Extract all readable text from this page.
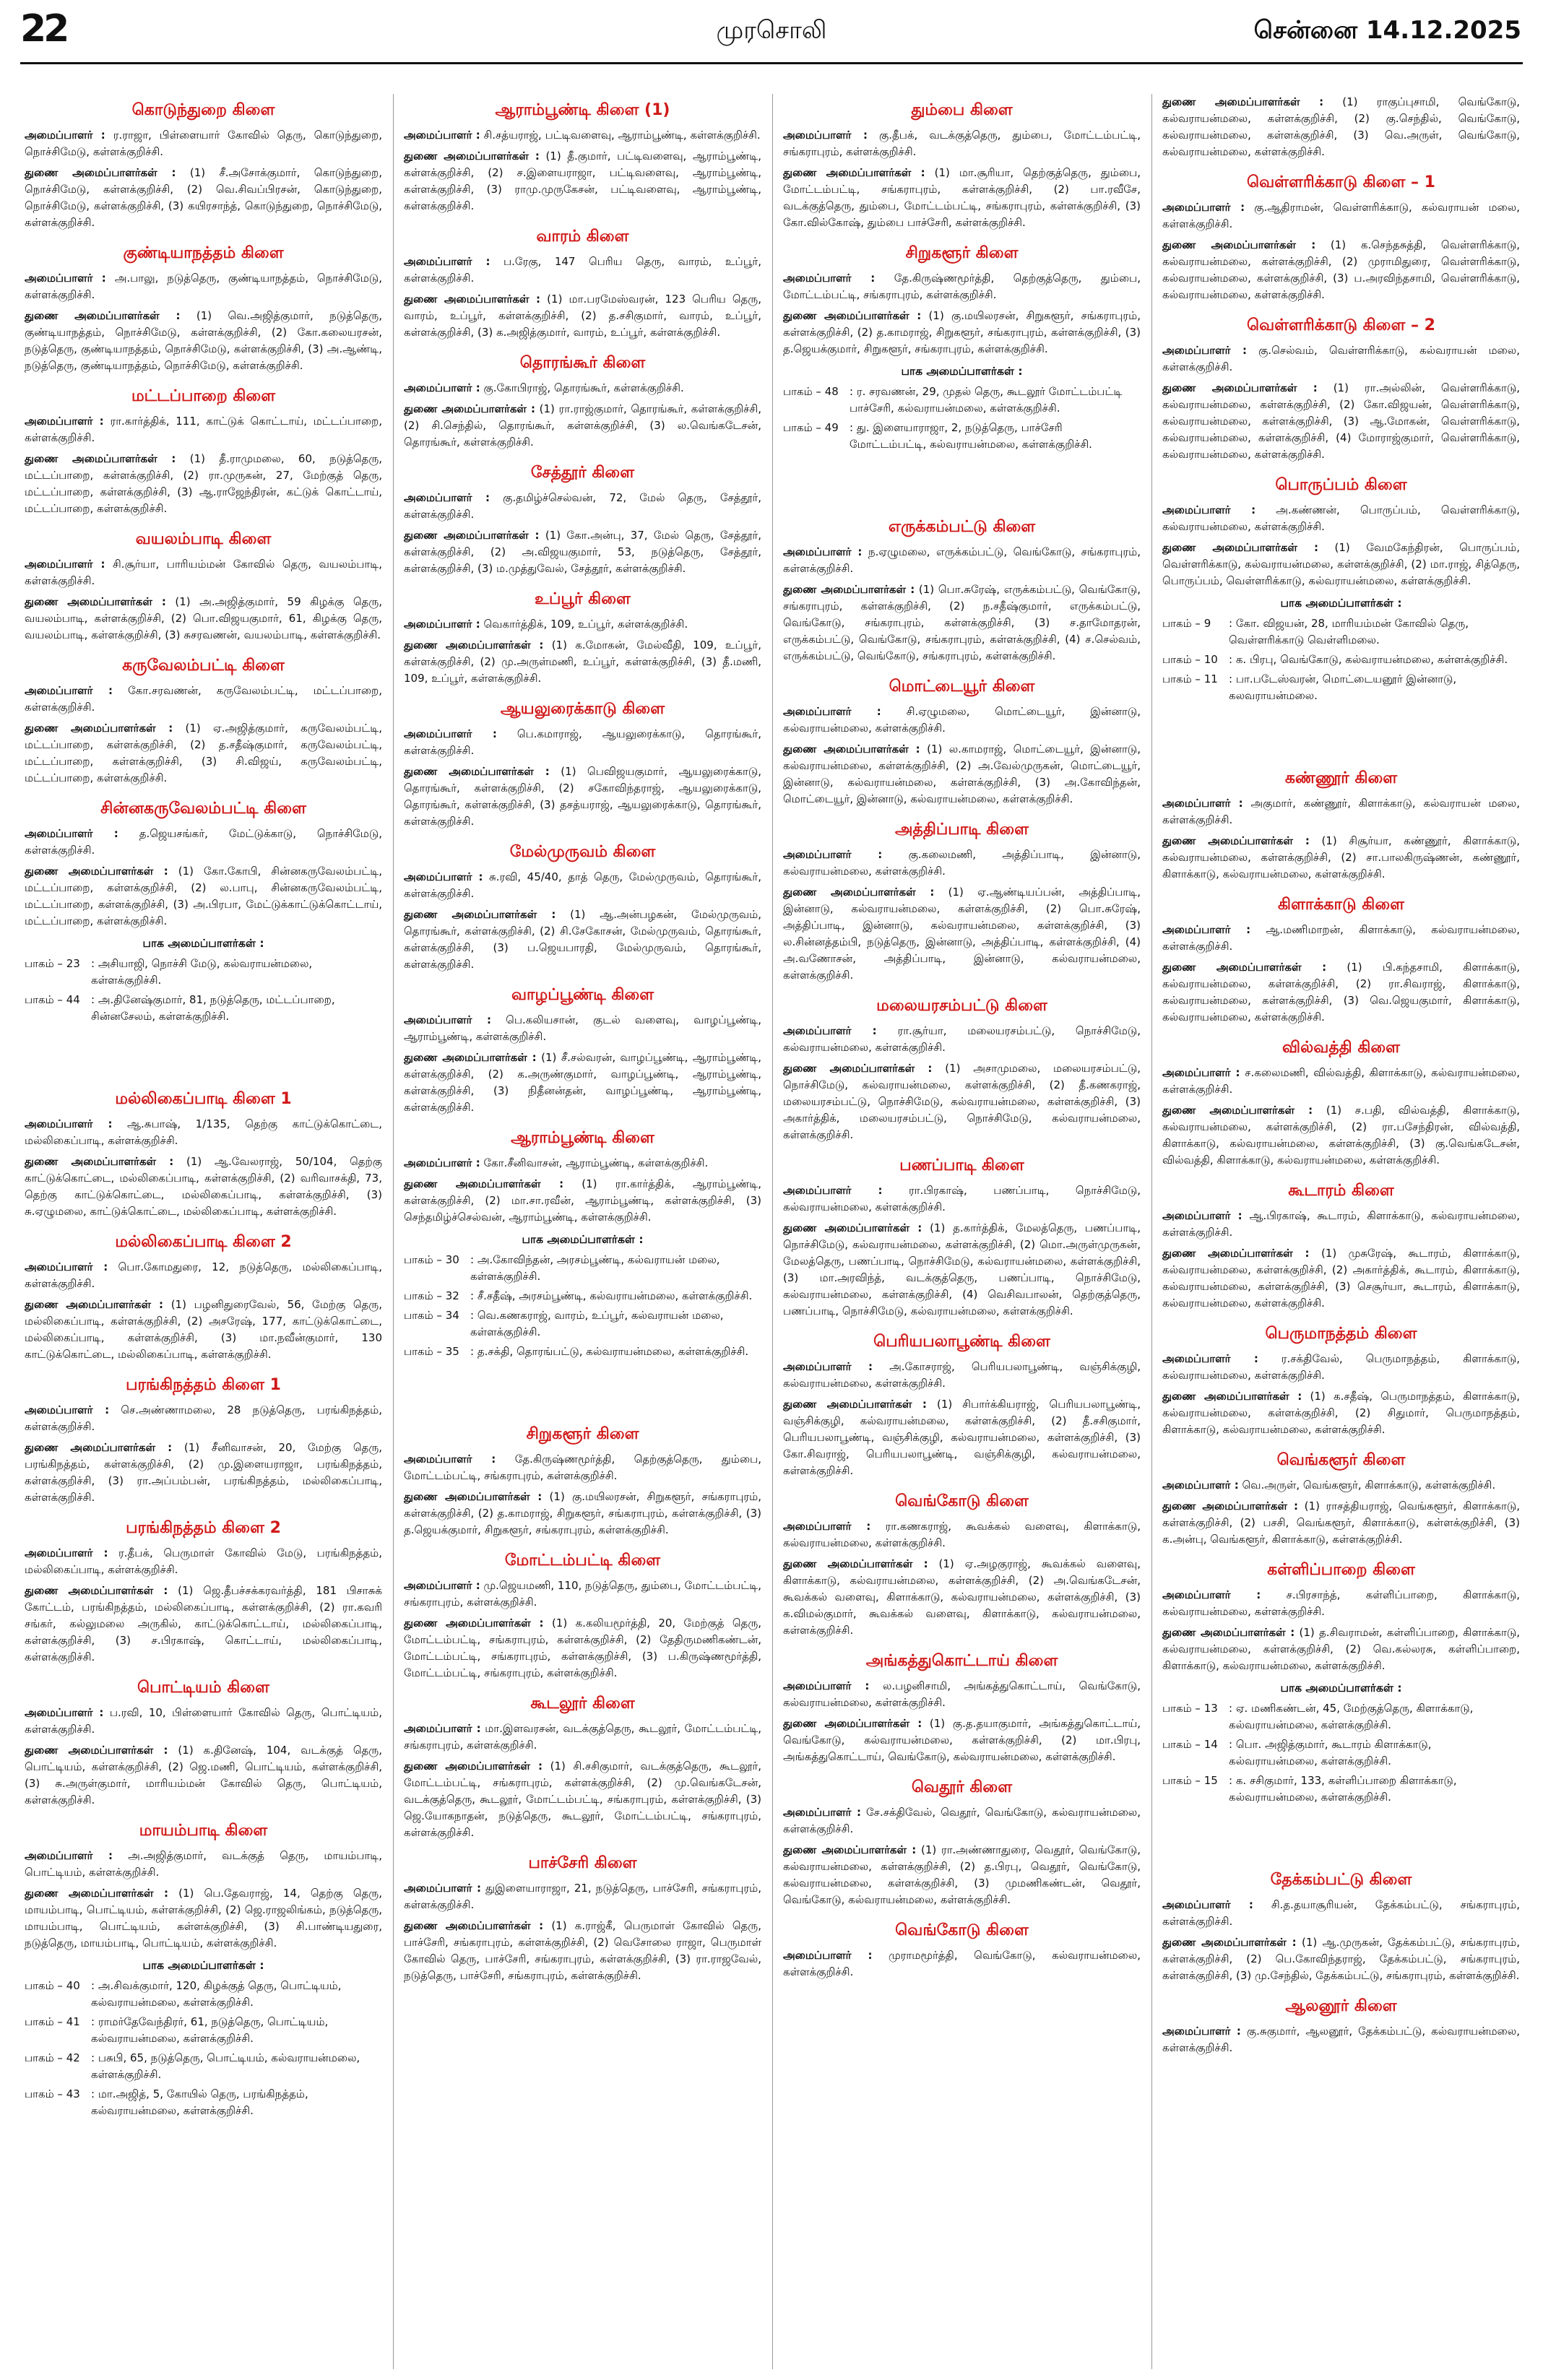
22	முரசொலி	சென்னை 14.12.2025
கொடுந்துறை கிளை
அமைப்பாளர் : ர.ராஜா, பிள்ளையார் கோவில் தெரு, கொடுந்துறை, நொச்சிமேடு, கள்ளக்குறிச்சி.
துணை அமைப்பாளர்கள் : (1) சீ.அசோக்குமார், கொடுந்துறை, நொச்சிமேடு, கள்ளக்குறிச்சி, (2) வெ.சிவப்பிரசன், கொடுந்துறை, நொச்சிமேடு, கள்ளக்குறிச்சி, (3) கயிரசாந்த், கொடுந்துறை, நொச்சிமேடு, கள்ளக்குறிச்சி.
குண்டியாநத்தம் கிளை
அமைப்பாளர் : அ.பாலு, நடுத்தெரு, குண்டியாநத்தம், நொச்சிமேடு, கள்ளக்குறிச்சி.
துணை அமைப்பாளர்கள் : (1) வெ.அஜித்குமார், நடுத்தெரு, குண்டியாநத்தம், நொச்சிமேடு, கள்ளக்குறிச்சி, (2) கோ.கலையரசன், நடுத்தெரு, குண்டியாநத்தம், நொச்சிமேடு, கள்ளக்குறிச்சி, (3) அ.ஆண்டி, நடுத்தெரு, குண்டியாநத்தம், நொச்சிமேடு, கள்ளக்குறிச்சி.
மட்டப்பாறை கிளை
அமைப்பாளர் : ரா.கார்த்திக், 111, காட்டுக் கொட்டாய், மட்டப்பாறை, கள்ளக்குறிச்சி.
துணை அமைப்பாளர்கள் : (1) தீ.ராமுமலை, 60, நடுத்தெரு, மட்டப்பாறை, கள்ளக்குறிச்சி, (2) ரா.முருகன், 27, மேற்குத் தெரு, மட்டப்பாறை, கள்ளக்குறிச்சி, (3) ஆ.ராஜேந்திரன், கட்டுக் கொட்டாய், மட்டப்பாறை, கள்ளக்குறிச்சி.
வயலம்பாடி கிளை
அமைப்பாளர் : சி.சூர்யா, பாரியம்மன் கோவில் தெரு, வயலம்பாடி, கள்ளக்குறிச்சி.
துணை அமைப்பாளர்கள் : (1) அ.அஜித்குமார், 59 கிழக்கு தெரு, வயலம்பாடி, கள்ளக்குறிச்சி, (2) பொ.விஜயகுமார், 61, கிழக்கு தெரு, வயலம்பாடி, கள்ளக்குறிச்சி, (3) சுசரவணன், வயலம்பாடி, கள்ளக்குறிச்சி.
கருவேலம்பட்டி கிளை
அமைப்பாளர் : கோ.சரவணன், கருவேலம்பட்டி, மட்டப்பாறை, கள்ளக்குறிச்சி.
துணை அமைப்பாளர்கள் : (1) ஏ.அஜித்குமார், கருவேலம்பட்டி, மட்டப்பாறை, கள்ளக்குறிச்சி, (2) த.சதீஷ்குமார், கருவேலம்பட்டி, மட்டப்பாறை, கள்ளக்குறிச்சி, (3) சி.விஜய், கருவேலம்பட்டி, மட்டப்பாறை, கள்ளக்குறிச்சி.
சின்னகருவேலம்பட்டி கிளை
அமைப்பாளர் : த.ஜெயசங்கர், மேட்டுக்காடு, நொச்சிமேடு, கள்ளக்குறிச்சி.
துணை அமைப்பாளர்கள் : (1) கோ.கோபி, சின்னகருவேலம்பட்டி, மட்டப்பாறை, கள்ளக்குறிச்சி, (2) ல.பாபு, சின்னகருவேலம்பட்டி, மட்டப்பாறை, கள்ளக்குறிச்சி, (3) அ.பிரபா, மேட்டுக்காட்டுக்கொட்டாய், மட்டப்பாறை, கள்ளக்குறிச்சி.
பாக அமைப்பாளர்கள் :
பாகம் – 23	: அசியாஜி, நொச்சி மேடு, கல்வராயன்மலை, கள்ளக்குறிச்சி.
பாகம் – 44	: அ.தினேஷ்குமார், 81, நடுத்தெரு, மட்டப்பாறை, சின்னசேலம், கள்ளக்குறிச்சி.
மல்லிகைப்பாடி கிளை 1
அமைப்பாளர் : ஆ.சுபாஷ், 1/135, தெற்கு காட்டுக்கொட்டை, மல்லிகைப்பாடி, கள்ளக்குறிச்சி.
துணை அமைப்பாளர்கள் : (1) ஆ.வேலராஜ், 50/104, தெற்கு காட்டுக்கொட்டை, மல்லிகைப்பாடி, கள்ளக்குறிச்சி, (2) வரிவாசக்தி, 73, தெற்கு காட்டுக்கொட்டை, மல்லிகைப்பாடி, கள்ளக்குறிச்சி, (3) சு.ஏழுமலை, காட்டுக்கொட்டை, மல்லிகைப்பாடி, கள்ளக்குறிச்சி.
மல்லிகைப்பாடி கிளை 2
அமைப்பாளர் : பொ.கோமதுரை, 12, நடுத்தெரு, மல்லிகைப்பாடி, கள்ளக்குறிச்சி.
துணை அமைப்பாளர்கள் : (1) பழனிதுரைவேல், 56, மேற்கு தெரு, மல்லிகைப்பாடி, கள்ளக்குறிச்சி, (2) அசரேஷ், 177, காட்டுக்கொட்டை, மல்லிகைப்பாடி, கள்ளக்குறிச்சி, (3) மா.நவீன்குமார், 130 காட்டுக்கொட்டை, மல்லிகைப்பாடி, கள்ளக்குறிச்சி.
பரங்கிநத்தம் கிளை 1
அமைப்பாளர் : செ.அண்ணாமலை, 28 நடுத்தெரு, பரங்கிநத்தம், கள்ளக்குறிச்சி.
துணை அமைப்பாளர்கள் : (1) சீனிவாசன், 20, மேற்கு தெரு, பரங்கிநத்தம், கள்ளக்குறிச்சி, (2) மு.இளையராஜா, பரங்கிநத்தம், கள்ளக்குறிச்சி, (3) ரா.அப்பம்பன், பரங்கிநத்தம், மல்லிகைப்பாடி, கள்ளக்குறிச்சி.
பரங்கிநத்தம் கிளை 2
அமைப்பாளர் : ர.தீபக், பெருமாள் கோவில் மேடு, பரங்கிநத்தம், மல்லிகைப்பாடி, கள்ளக்குறிச்சி.
துணை அமைப்பாளர்கள் : (1) ஜெ.தீபச்சக்கரவர்த்தி, 181 பிசாசுக் கோட்டம், பரங்கிநத்தம், மல்லிகைப்பாடி, கள்ளக்குறிச்சி, (2) ரா.கவரி சங்கர், கல்லுமலை அருகில், காட்டுக்கொட்டாய், மல்லிகைப்பாடி, கள்ளக்குறிச்சி, (3) ச.பிரகாஷ், கொட்டாய், மல்லிகைப்பாடி, கள்ளக்குறிச்சி.
பொட்டியம் கிளை
அமைப்பாளர் : ப.ரவி, 10, பிள்ளையார் கோவில் தெரு, பொட்டியம், கள்ளக்குறிச்சி.
துணை அமைப்பாளர்கள் : (1) க.தினேஷ், 104, வடக்குத் தெரு, பொட்டியம், கள்ளக்குறிச்சி, (2) ஜெ.மணி, பொட்டியம், கள்ளக்குறிச்சி, (3) சு.அருள்குமார், மாரியம்மன் கோவில் தெரு, பொட்டியம், கள்ளக்குறிச்சி.
மாயம்பாடி கிளை
அமைப்பாளர் : அ.அஜித்குமார், வடக்குத் தெரு, மாயம்பாடி, பொட்டியம், கள்ளக்குறிச்சி.
துணை அமைப்பாளர்கள் : (1) பெ.தேவராஜ், 14, தெற்கு தெரு, மாயம்பாடி, பொட்டியம், கள்ளக்குறிச்சி, (2) ஜெ.ராஜலிங்கம், நடுத்தெரு, மாயம்பாடி, பொட்டியம், கள்ளக்குறிச்சி, (3) சி.பாண்டியதுரை, நடுத்தெரு, மாயம்பாடி, பொட்டியம், கள்ளக்குறிச்சி.
பாக அமைப்பாளர்கள் :
பாகம் – 40	: அ.சிவக்குமார், 120, கிழக்குத் தெரு, பொட்டியம், கல்வராயன்மலை, கள்ளக்குறிச்சி.
பாகம் – 41	: ராமர்தேவேந்திரர், 61, நடுத்தெரு, பொட்டியம், கல்வராயன்மலை, கள்ளக்குறிச்சி.
பாகம் – 42	: பசுபி, 65, நடுத்தெரு, பொட்டியம், கல்வராயன்மலை, கள்ளக்குறிச்சி.
பாகம் – 43	: மா.அஜித், 5, கோயில் தெரு, பரங்கிநத்தம், கல்வராயன்மலை, கள்ளக்குறிச்சி.
ஆராம்பூண்டி கிளை (1)
அமைப்பாளர் : சி.சத்யராஜ், பட்டிவளைவு, ஆராம்பூண்டி, கள்ளக்குறிச்சி.
துணை அமைப்பாளர்கள் : (1) தீ.குமார், பட்டிவளைவு, ஆராம்பூண்டி, கள்ளக்குறிச்சி, (2) ச.இளையராஜா, பட்டிவளைவு, ஆராம்பூண்டி, கள்ளக்குறிச்சி, (3) ராமு.முருகேசன், பட்டிவளைவு, ஆராம்பூண்டி, கள்ளக்குறிச்சி.
வாரம் கிளை
அமைப்பாளர் : ப.ரேகு, 147 பெரிய தெரு, வாரம், உப்பூர், கள்ளக்குறிச்சி.
துணை அமைப்பாளர்கள் : (1) மா.பரமேஸ்வரன், 123 பெரிய தெரு, வாரம், உப்பூர், கள்ளக்குறிச்சி, (2) த.சசிகுமார், வாரம், உப்பூர், கள்ளக்குறிச்சி, (3) க.அஜித்குமார், வாரம், உப்பூர், கள்ளக்குறிச்சி.
தொரங்கூர் கிளை
அமைப்பாளர் : கு.கோபிராஜ், தொரங்கூர், கள்ளக்குறிச்சி.
துணை அமைப்பாளர்கள் : (1) ரா.ராஜ்குமார், தொரங்கூர், கள்ளக்குறிச்சி, (2) சி.செந்தில், தொரங்கூர், கள்ளக்குறிச்சி, (3) ல.வெங்கடேசன், தொரங்கூர், கள்ளக்குறிச்சி.
சேத்தூர் கிளை
அமைப்பாளர் : கு.தமிழ்ச்செல்வன், 72, மேல் தெரு, சேத்தூர், கள்ளக்குறிச்சி.
துணை அமைப்பாளர்கள் : (1) கோ.அன்பு, 37, மேல் தெரு, சேத்தூர், கள்ளக்குறிச்சி, (2) அ.விஜயகுமார், 53, நடுத்தெரு, சேத்தூர், கள்ளக்குறிச்சி, (3) ம.முத்துவேல், சேத்தூர், கள்ளக்குறிச்சி.
உப்பூர் கிளை
அமைப்பாளர் : வெகார்த்திக், 109, உப்பூர், கள்ளக்குறிச்சி.
துணை அமைப்பாளர்கள் : (1) க.மோகன், மேல்வீதி, 109, உப்பூர், கள்ளக்குறிச்சி, (2) மு.அருள்மணி, உப்பூர், கள்ளக்குறிச்சி, (3) தீ.மணி, 109, உப்பூர், கள்ளக்குறிச்சி.
ஆயலுரைக்காடு கிளை
அமைப்பாளர் : பெ.கமாராஜ், ஆயலுரைக்காடு, தொரங்கூர், கள்ளக்குறிச்சி.
துணை அமைப்பாளர்கள் : (1) பெவிஜயகுமார், ஆயலுரைக்காடு, தொரங்கூர், கள்ளக்குறிச்சி, (2) சகோவிந்தராஜ், ஆயலுரைக்காடு, தொரங்கூர், கள்ளக்குறிச்சி, (3) தசத்யராஜ், ஆயலுரைக்காடு, தொரங்கூர், கள்ளக்குறிச்சி.
மேல்முருவம் கிளை
அமைப்பாளர் : சு.ரவி, 45/40, தாத் தெரு, மேல்முருவம், தொரங்கூர், கள்ளக்குறிச்சி.
துணை அமைப்பாளர்கள் : (1) ஆ.அன்பழகன், மேல்முருவம், தொரங்கூர், கள்ளக்குறிச்சி, (2) சி.சேகோசன், மேல்முருவம், தொரங்கூர், கள்ளக்குறிச்சி, (3) ப.ஜெயபாரதி, மேல்முருவம், தொரங்கூர், கள்ளக்குறிச்சி.
வாழப்பூண்டி கிளை
அமைப்பாளர் : பெ.கலியசான், குடல் வளைவு, வாழப்பூண்டி, ஆராம்பூண்டி, கள்ளக்குறிச்சி.
துணை அமைப்பாளர்கள் : (1) சீ.சல்வரன், வாழப்பூண்டி, ஆராம்பூண்டி, கள்ளக்குறிச்சி, (2) க.அருண்குமார், வாழப்பூண்டி, ஆராம்பூண்டி, கள்ளக்குறிச்சி, (3) நிதீனன்தன், வாழப்பூண்டி, ஆராம்பூண்டி, கள்ளக்குறிச்சி.
ஆராம்பூண்டி கிளை
அமைப்பாளர் : கோ.சீனிவாசன், ஆராம்பூண்டி, கள்ளக்குறிச்சி.
துணை அமைப்பாளர்கள் : (1) ரா.கார்த்திக், ஆராம்பூண்டி, கள்ளக்குறிச்சி, (2) மா.சா.ரவீன், ஆராம்பூண்டி, கள்ளக்குறிச்சி, (3) செந்தமிழ்ச்செல்வன், ஆராம்பூண்டி, கள்ளக்குறிச்சி.
பாக அமைப்பாளர்கள் :
பாகம் – 30	: அ.கோவிந்தன், அரசம்பூண்டி, கல்வராயன் மலை, கள்ளக்குறிச்சி.
பாகம் – 32	: சீ.சதீஷ், அரசம்பூண்டி, கல்வராயன்மலை, கள்ளக்குறிச்சி.
பாகம் – 34	: வெ.கணகராஜ், வாரம், உப்பூர், கல்வராயன் மலை, கள்ளக்குறிச்சி.
பாகம் – 35	: த.சக்தி, தொரங்பட்டு, கல்வராயன்மலை, கள்ளக்குறிச்சி.
சிறுகளூர் கிளை
அமைப்பாளர் : தே.கிருஷ்ணமூர்த்தி, தெற்குத்தெரு, தும்பை, மோட்டம்பட்டி, சங்கராபுரம், கள்ளக்குறிச்சி.
துணை அமைப்பாளர்கள் : (1) கு.மயிலரசன், சிறுகளூர், சங்கராபுரம், கள்ளக்குறிச்சி, (2) த.காமராஜ், சிறுகளூர், சங்கராபுரம், கள்ளக்குறிச்சி, (3) த.ஜெயக்குமார், சிறுகளூர், சங்கராபுரம், கள்ளக்குறிச்சி.
மோட்டம்பட்டி கிளை
அமைப்பாளர் : மு.ஜெயமணி, 110, நடுத்தெரு, தும்பை, மோட்டம்பட்டி, சங்கராபுரம், கள்ளக்குறிச்சி.
துணை அமைப்பாளர்கள் : (1) க.கலியமூர்த்தி, 20, மேற்குத் தெரு, மோட்டம்பட்டி, சங்கராபுரம், கள்ளக்குறிச்சி, (2) தேதிருமணிகண்டன், மோட்டம்பட்டி, சங்கராபுரம், கள்ளக்குறிச்சி, (3) ப.கிருஷ்ணமூர்த்தி, மோட்டம்பட்டி, சங்கராபுரம், கள்ளக்குறிச்சி.
கூடலூர் கிளை
அமைப்பாளர் : மா.இளவரசன், வடக்குத்தெரு, கூடலூர், மோட்டம்பட்டி, சங்கராபுரம், கள்ளக்குறிச்சி.
துணை அமைப்பாளர்கள் : (1) சி.சசிகுமார், வடக்குத்தெரு, கூடலூர், மோட்டம்பட்டி, சங்கராபுரம், கள்ளக்குறிச்சி, (2) மு.வெங்கடேசன், வடக்குத்தெரு, கூடலூர், மோட்டம்பட்டி, சங்கராபுரம், கள்ளக்குறிச்சி, (3) ஜெ.யோகநாதன், நடுத்தெரு, கூடலூர், மோட்டம்பட்டி, சங்கராபுரம், கள்ளக்குறிச்சி.
பாச்சேரி கிளை
அமைப்பாளர் : துஇளையாராஜா, 21, நடுத்தெரு, பாச்சேரி, சங்கராபுரம், கள்ளக்குறிச்சி.
துணை அமைப்பாளர்கள் : (1) க.ராஜ்கீ, பெருமாள் கோவில் தெரு, பாச்சேரி, சங்கராபுரம், கள்ளக்குறிச்சி, (2) வெசோலை ராஜா, பெருமாள் கோவில் தெரு, பாச்சேரி, சங்கராபுரம், கள்ளக்குறிச்சி, (3) ரா.ராஜவேல், நடுத்தெரு, பாச்சேரி, சங்கராபுரம், கள்ளக்குறிச்சி.
தும்பை கிளை
அமைப்பாளர் : கு.தீபக், வடக்குத்தெரு, தும்பை, மோட்டம்பட்டி, சங்கராபுரம், கள்ளக்குறிச்சி.
துணை அமைப்பாளர்கள் : (1) மா.சூரியா, தெற்குத்தெரு, தும்பை, மோட்டம்பட்டி, சங்கராபுரம், கள்ளக்குறிச்சி, (2) பா.ரவீசே, வடக்குத்தெரு, தும்பை, மோட்டம்பட்டி, சங்கராபுரம், கள்ளக்குறிச்சி, (3) கோ.வில்கோஷ், தும்பை பாச்சேரி, கள்ளக்குறிச்சி.
சிறுகளூர் கிளை
அமைப்பாளர் : தே.கிருஷ்ணமூர்த்தி, தெற்குத்தெரு, தும்பை, மோட்டம்பட்டி, சங்கராபுரம், கள்ளக்குறிச்சி.
துணை அமைப்பாளர்கள் : (1) கு.மயிலரசன், சிறுகளூர், சங்கராபுரம், கள்ளக்குறிச்சி, (2) த.காமராஜ், சிறுகளூர், சங்கராபுரம், கள்ளக்குறிச்சி, (3) த.ஜெயக்குமார், சிறுகளூர், சங்கராபுரம், கள்ளக்குறிச்சி.
பாக அமைப்பாளர்கள் :
பாகம் – 48	: ர. சரவணன், 29, முதல் தெரு, கூடலூர் மோட்டம்பட்டி பாச்சேரி, கல்வராயன்மலை, கள்ளக்குறிச்சி.
பாகம் – 49	: து. இளையாராஜா, 2, நடுத்தெரு, பாச்சேரி மோட்டம்பட்டி, கல்வராயன்மலை, கள்ளக்குறிச்சி.
எருக்கம்பட்டு கிளை
அமைப்பாளர் : ந.ஏழுமலை, எருக்கம்பட்டு, வெங்கோடு, சங்கராபுரம், கள்ளக்குறிச்சி.
துணை அமைப்பாளர்கள் : (1) பொ.சுரேஷ், எருக்கம்பட்டு, வெங்கோடு, சங்கராபுரம், கள்ளக்குறிச்சி, (2) ந.சதீஷ்குமார், எருக்கம்பட்டு, வெங்கோடு, சங்கராபுரம், கள்ளக்குறிச்சி, (3) ச.தாமோதரன், எருக்கம்பட்டு, வெங்கோடு, சங்கராபுரம், கள்ளக்குறிச்சி, (4) ச.செல்வம், எருக்கம்பட்டு, வெங்கோடு, சங்கராபுரம், கள்ளக்குறிச்சி.
மொட்டையூர் கிளை
அமைப்பாளர் : சி.ஏழுமலை, மொட்டையூர், இன்னாடு, கல்வராயன்மலை, கள்ளக்குறிச்சி.
துணை அமைப்பாளர்கள் : (1) ல.காமராஜ், மொட்டையூர், இன்னாடு, கல்வராயன்மலை, கள்ளக்குறிச்சி, (2) அ.வேல்முருகன், மொட்டையூர், இன்னாடு, கல்வராயன்மலை, கள்ளக்குறிச்சி, (3) அ.கோவிந்தன், மொட்டையூர், இன்னாடு, கல்வராயன்மலை, கள்ளக்குறிச்சி.
அத்திப்பாடி கிளை
அமைப்பாளர் : கு.கலைமணி, அத்திப்பாடி, இன்னாடு, கல்வராயன்மலை, கள்ளக்குறிச்சி.
துணை அமைப்பாளர்கள் : (1) ஏ.ஆண்டியப்பன், அத்திப்பாடி, இன்னாடு, கல்வராயன்மலை, கள்ளக்குறிச்சி, (2) பொ.சுரேஷ், அத்திப்பாடி, இன்னாடு, கல்வராயன்மலை, கள்ளக்குறிச்சி, (3) ல.சின்னத்தம்பி, நடுத்தெரு, இன்னாடு, அத்திப்பாடி, கள்ளக்குறிச்சி, (4) அ.வணோசன், அத்திப்பாடி, இன்னாடு, கல்வராயன்மலை, கள்ளக்குறிச்சி.
மலையரசம்பட்டு கிளை
அமைப்பாளர் : ரா.சூர்யா, மலையரசம்பட்டு, நொச்சிமேடு, கல்வராயன்மலை, கள்ளக்குறிச்சி.
துணை அமைப்பாளர்கள் : (1) அசாமுமலை, மலையரசம்பட்டு, நொச்சிமேடு, கல்வராயன்மலை, கள்ளக்குறிச்சி, (2) தீ.கணகராஜ், மலையரசம்பட்டு, நொச்சிமேடு, கல்வராயன்மலை, கள்ளக்குறிச்சி, (3) அகார்த்திக், மலையரசம்பட்டு, நொச்சிமேடு, கல்வராயன்மலை, கள்ளக்குறிச்சி.
பணப்பாடி கிளை
அமைப்பாளர் : ரா.பிரகாஷ், பணப்பாடி, நொச்சிமேடு, கல்வராயன்மலை, கள்ளக்குறிச்சி.
துணை அமைப்பாளர்கள் : (1) த.கார்த்திக், மேலத்தெரு, பணப்பாடி, நொச்சிமேடு, கல்வராயன்மலை, கள்ளக்குறிச்சி, (2) மொ.அருள்முருகன், மேலத்தெரு, பணப்பாடி, நொச்சிமேடு, கல்வராயன்மலை, கள்ளக்குறிச்சி, (3) மா.அரவிந்த், வடக்குத்தெரு, பணப்பாடி, நொச்சிமேடு, கல்வராயன்மலை, கள்ளக்குறிச்சி, (4) வெசிவபாலன், தெற்குத்தெரு, பணப்பாடி, நொச்சிமேடு, கல்வராயன்மலை, கள்ளக்குறிச்சி.
பெரியபலாபூண்டி கிளை
அமைப்பாளர் : அ.கோசராஜ், பெரியபலாபூண்டி, வஞ்சிக்குழி, கல்வராயன்மலை, கள்ளக்குறிச்சி.
துணை அமைப்பாளர்கள் : (1) சிபார்க்கியராஜ், பெரியபலாபூண்டி, வஞ்சிக்குழி, கல்வராயன்மலை, கள்ளக்குறிச்சி, (2) தீ.சசிகுமார், பெரியபலாபூண்டி, வஞ்சிக்குழி, கல்வராயன்மலை, கள்ளக்குறிச்சி, (3) கோ.சிவராஜ், பெரியபலாபூண்டி, வஞ்சிக்குழி, கல்வராயன்மலை, கள்ளக்குறிச்சி.
வெங்கோடு கிளை
அமைப்பாளர் : ரா.கணகராஜ், கூவக்கல் வளைவு, கிளாக்காடு, கல்வராயன்மலை, கள்ளக்குறிச்சி.
துணை அமைப்பாளர்கள் : (1) ஏ.அழகுராஜ், கூவக்கல் வளைவு, கிளாக்காடு, கல்வராயன்மலை, கள்ளக்குறிச்சி, (2) அ.வெங்கடேசன், கூவக்கல் வளைவு, கிளாக்காடு, கல்வராயன்மலை, கள்ளக்குறிச்சி, (3) க.விமல்குமார், கூவக்கல் வளைவு, கிளாக்காடு, கல்வராயன்மலை, கள்ளக்குறிச்சி.
அங்கத்துகொட்டாய் கிளை
அமைப்பாளர் : ல.பழனிசாமி, அங்கத்துகொட்டாய், வெங்கோடு, கல்வராயன்மலை, கள்ளக்குறிச்சி.
துணை அமைப்பாளர்கள் : (1) கு.த.தயாகுமார், அங்கத்துகொட்டாய், வெங்கோடு, கல்வராயன்மலை, கள்ளக்குறிச்சி, (2) மா.பிரபு, அங்கத்துகொட்டாய், வெங்கோடு, கல்வராயன்மலை, கள்ளக்குறிச்சி.
வெதூர் கிளை
அமைப்பாளர் : சே.சக்திவேல், வெதூர், வெங்கோடு, கல்வராயன்மலை, கள்ளக்குறிச்சி.
துணை அமைப்பாளர்கள் : (1) ரா.அண்ணாதுரை, வெதூர், வெங்கோடு, கல்வராயன்மலை, கள்ளக்குறிச்சி, (2) த.பிரபு, வெதூர், வெங்கோடு, கல்வராயன்மலை, கள்ளக்குறிச்சி, (3) முமணிகண்டன், வெதூர், வெங்கோடு, கல்வராயன்மலை, கள்ளக்குறிச்சி.
வெங்கோடு கிளை
அமைப்பாளர் : முராமமூர்த்தி, வெங்கோடு, கல்வராயன்மலை, கள்ளக்குறிச்சி.
துணை அமைப்பாளர்கள் : (1) ராகுப்புசாமி, வெங்கோடு, கல்வராயன்மலை, கள்ளக்குறிச்சி, (2) கு.செந்தில், வெங்கோடு, கல்வராயன்மலை, கள்ளக்குறிச்சி, (3) வெ.அருள், வெங்கோடு, கல்வராயன்மலை, கள்ளக்குறிச்சி.
வெள்ளரிக்காடு கிளை – 1
அமைப்பாளர் : கு.ஆதிராமன், வெள்ளரிக்காடு, கல்வராயன் மலை, கள்ளக்குறிச்சி.
துணை அமைப்பாளர்கள் : (1) க.செந்தசுத்தி, வெள்ளரிக்காடு, கல்வராயன்மலை, கள்ளக்குறிச்சி, (2) முராமிதுரை, வெள்ளரிக்காடு, கல்வராயன்மலை, கள்ளக்குறிச்சி, (3) ப.அரவிந்தசாமி, வெள்ளரிக்காடு, கல்வராயன்மலை, கள்ளக்குறிச்சி.
வெள்ளரிக்காடு கிளை – 2
அமைப்பாளர் : கு.செல்வம், வெள்ளரிக்காடு, கல்வராயன் மலை, கள்ளக்குறிச்சி.
துணை அமைப்பாளர்கள் : (1) ரா.அல்லின், வெள்ளரிக்காடு, கல்வராயன்மலை, கள்ளக்குறிச்சி, (2) கோ.விஜயன், வெள்ளரிக்காடு, கல்வராயன்மலை, கள்ளக்குறிச்சி, (3) ஆ.மோகன், வெள்ளரிக்காடு, கல்வராயன்மலை, கள்ளக்குறிச்சி, (4) மோராஜ்குமார், வெள்ளரிக்காடு, கல்வராயன்மலை, கள்ளக்குறிச்சி.
பொருப்பம் கிளை
அமைப்பாளர் : அ.கண்ணன், பொருப்பம், வெள்ளரிக்காடு, கல்வராயன்மலை, கள்ளக்குறிச்சி.
துணை அமைப்பாளர்கள் : (1) வேமகேந்திரன், பொருப்பம், வெள்ளரிக்காடு, கல்வராயன்மலை, கள்ளக்குறிச்சி, (2) மா.ராஜ், சித்தெரு, பொருப்பம், வெள்ளரிக்காடு, கல்வராயன்மலை, கள்ளக்குறிச்சி.
பாக அமைப்பாளர்கள் :
பாகம் – 9	: கோ. விஜயன், 28, மாரியம்மன் கோவில் தெரு, வெள்ளரிக்காடு வெள்ளிமலை.
பாகம் – 10	: க. பிரபு, வெங்கோடு, கல்வராயன்மலை, கள்ளக்குறிச்சி.
பாகம் – 11	: பா.படேஸ்வரன், மொட்டையனூர் இன்னாடு, கலவராயன்மலை.
கண்ணூர் கிளை
அமைப்பாளர் : அகுமார், கண்ணூர், கிளாக்காடு, கல்வராயன் மலை, கள்ளக்குறிச்சி.
துணை அமைப்பாளர்கள் : (1) சிசூர்யா, கண்ணூர், கிளாக்காடு, கல்வராயன்மலை, கள்ளக்குறிச்சி, (2) சா.பாலகிருஷ்ணன், கண்ணூர், கிளாக்காடு, கல்வராயன்மலை, கள்ளக்குறிச்சி.
கிளாக்காடு கிளை
அமைப்பாளர் : ஆ.மணிமாறன், கிளாக்காடு, கல்வராயன்மலை, கள்ளக்குறிச்சி.
துணை அமைப்பாளர்கள் : (1) பி.கந்தசாமி, கிளாக்காடு, கல்வராயன்மலை, கள்ளக்குறிச்சி, (2) ரா.சிவராஜ், கிளாக்காடு, கல்வராயன்மலை, கள்ளக்குறிச்சி, (3) வெ.ஜெயகுமார், கிளாக்காடு, கல்வராயன்மலை, கள்ளக்குறிச்சி.
வில்வத்தி கிளை
அமைப்பாளர் : ச.கலைமணி, வில்வத்தி, கிளாக்காடு, கல்வராயன்மலை, கள்ளக்குறிச்சி.
துணை அமைப்பாளர்கள் : (1) ச.பதி, வில்வத்தி, கிளாக்காடு, கல்வராயன்மலை, கள்ளக்குறிச்சி, (2) ரா.பசேந்திரன், வில்வத்தி, கிளாக்காடு, கல்வராயன்மலை, கள்ளக்குறிச்சி, (3) கு.வெங்கடேசன், வில்வத்தி, கிளாக்காடு, கல்வராயன்மலை, கள்ளக்குறிச்சி.
கூடாரம் கிளை
அமைப்பாளர் : ஆ.பிரகாஷ், கூடாரம், கிளாக்காடு, கல்வராயன்மலை, கள்ளக்குறிச்சி.
துணை அமைப்பாளர்கள் : (1) முசுரேஷ், கூடாரம், கிளாக்காடு, கல்வராயன்மலை, கள்ளக்குறிச்சி, (2) அகார்த்திக், கூடாரம், கிளாக்காடு, கல்வராயன்மலை, கள்ளக்குறிச்சி, (3) செசூர்யா, கூடாரம், கிளாக்காடு, கல்வராயன்மலை, கள்ளக்குறிச்சி.
பெருமாநத்தம் கிளை
அமைப்பாளர் : ர.சக்திவேல், பெருமாநத்தம், கிளாக்காடு, கல்வராயன்மலை, கள்ளக்குறிச்சி.
துணை அமைப்பாளர்கள் : (1) க.சதீஷ், பெருமாநத்தம், கிளாக்காடு, கல்வராயன்மலை, கள்ளக்குறிச்சி, (2) சிதுமார், பெருமாநத்தம், கிளாக்காடு, கல்வராயன்மலை, கள்ளக்குறிச்சி.
வெங்களூர் கிளை
அமைப்பாளர் : வெ.அருள், வெங்களூர், கிளாக்காடு, கள்ளக்குறிச்சி.
துணை அமைப்பாளர்கள் : (1) ராசத்தியராஜ், வெங்களூர், கிளாக்காடு, கள்ளக்குறிச்சி, (2) பசசி, வெங்களூர், கிளாக்காடு, கள்ளக்குறிச்சி, (3) க.அன்பு, வெங்களூர், கிளாக்காடு, கள்ளக்குறிச்சி.
கள்ளிப்பாறை கிளை
அமைப்பாளர் : ச.பிரசாந்த், கள்ளிப்பாறை, கிளாக்காடு, கல்வராயன்மலை, கள்ளக்குறிச்சி.
துணை அமைப்பாளர்கள் : (1) த.சிவராமன், கள்ளிப்பாறை, கிளாக்காடு, கல்வராயன்மலை, கள்ளக்குறிச்சி, (2) வெ.கல்லரசு, கள்ளிப்பாறை, கிளாக்காடு, கல்வராயன்மலை, கள்ளக்குறிச்சி.
பாக அமைப்பாளர்கள் :
பாகம் – 13	: ஏ. மணிகண்டன், 45, மேற்குத்தெரு, கிளாக்காடு, கல்வராயன்மலை, கள்ளக்குறிச்சி.
பாகம் – 14	: பொ. அஜித்குமார், கூடாரம் கிளாக்காடு, கல்வராயன்மலை, கள்ளக்குறிச்சி.
பாகம் – 15	: க. சசிகுமார், 133, கள்ளிப்பாறை கிளாக்காடு, கல்வராயன்மலை, கள்ளக்குறிச்சி.
தேக்கம்பட்டு கிளை
அமைப்பாளர் : சி.த.தயாசூரியன், தேக்கம்பட்டு, சங்கராபுரம், கள்ளக்குறிச்சி.
துணை அமைப்பாளர்கள் : (1) ஆ.முருகன், தேக்கம்பட்டு, சங்கராபுரம், கள்ளக்குறிச்சி, (2) பெ.கோவிந்தராஜ், தேக்கம்பட்டு, சங்கராபுரம், கள்ளக்குறிச்சி, (3) மு.சேந்தில், தேக்கம்பட்டு, சங்கராபுரம், கள்ளக்குறிச்சி.
ஆலனூர் கிளை
அமைப்பாளர் : கு.சுகுமார், ஆலனூர், தேக்கம்பட்டு, கல்வராயன்மலை, கள்ளக்குறிச்சி.
